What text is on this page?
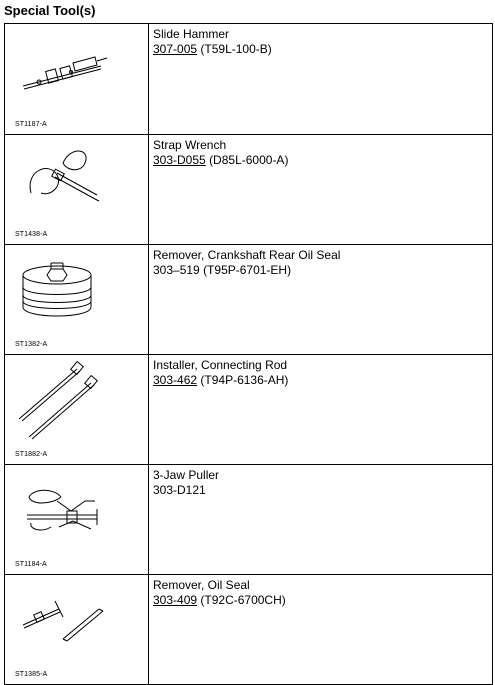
Special Tool(s)
ST1187-A	Slide Hammer
307-005 (T59L-100-B)

ST1438-A	Strap Wrench
303-D055 (D85L-6000-A)

ST1382-A	Remover, Crankshaft Rear Oil Seal
303–519 (T95P-6701-EH)

ST1882-A	Installer, Connecting Rod
303-462 (T94P-6136-AH)

ST1184-A	3-Jaw Puller
303-D121

ST1385-A	Remover, Oil Seal
303-409 (T92C-6700CH)
